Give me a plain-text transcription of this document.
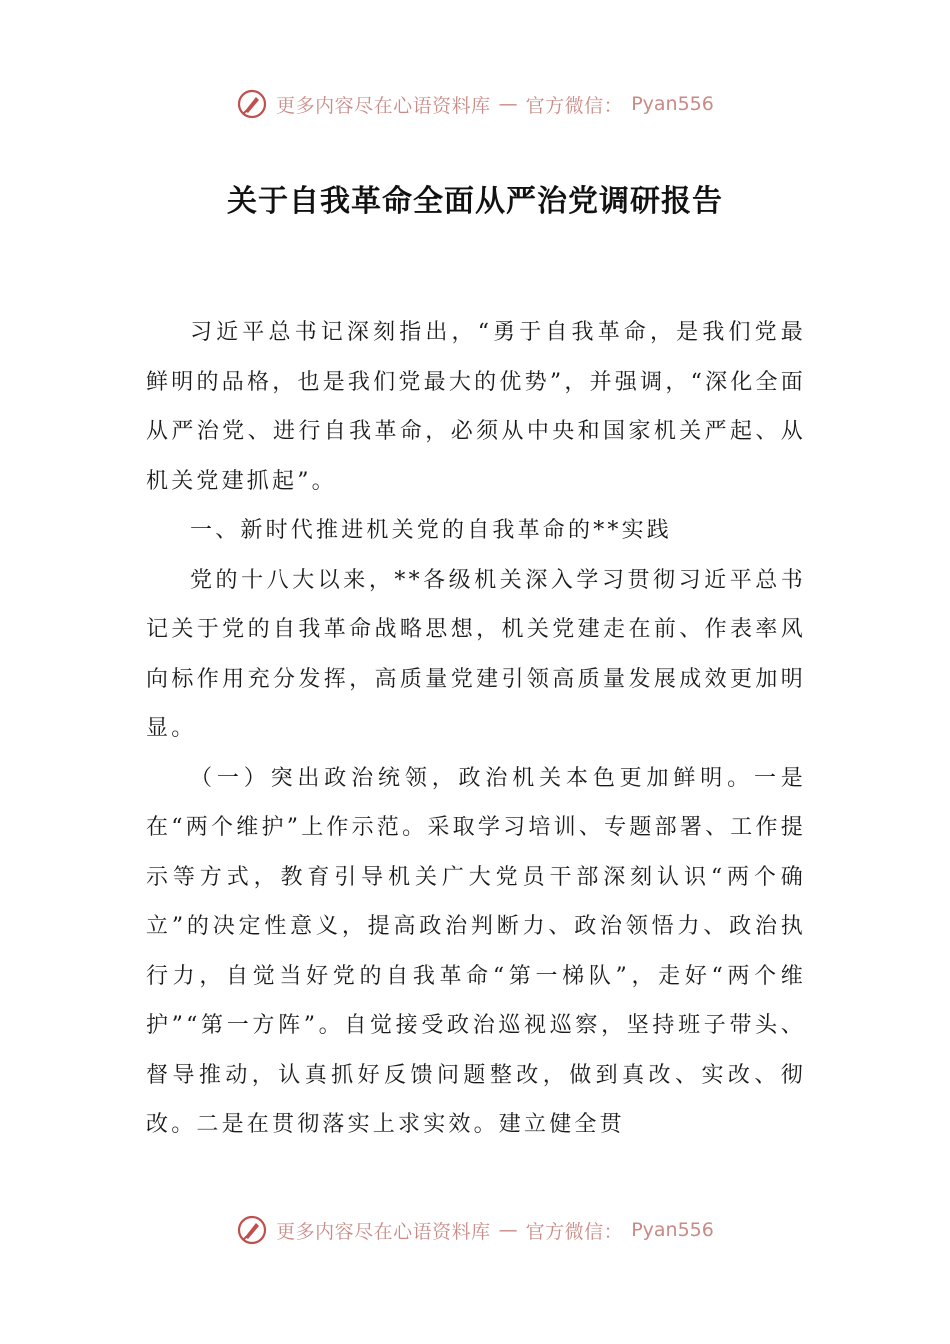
更多内容尽在心语资料库 — 官方微信： Pyan556
关于自我革命全面从严治党调研报告

习近平总书记深刻指出，“勇于自我革命，是我们党最鲜明的品格，也是我们党最大的优势”，并强调，“深化全面从严治党、进行自我革命，必须从中央和国家机关严起、从机关党建抓起”。

一、新时代推进机关党的自我革命的**实践

党的十八大以来，**各级机关深入学习贯彻习近平总书记关于党的自我革命战略思想，机关党建走在前、作表率风向标作用充分发挥，高质量党建引领高质量发展成效更加明显。

（一）突出政治统领，政治机关本色更加鲜明。一是在“两个维护”上作示范。采取学习培训、专题部署、工作提示等方式，教育引导机关广大党员干部深刻认识“两个确立”的决定性意义，提高政治判断力、政治领悟力、政治执行力，自觉当好党的自我革命“第一梯队”，走好“两个维护”“第一方阵”。自觉接受政治巡视巡察，坚持班子带头、督导推动，认真抓好反馈问题整改，做到真改、实改、彻改。二是在贯彻落实上求实效。建立健全贯

更多内容尽在心语资料库 — 官方微信： Pyan556
